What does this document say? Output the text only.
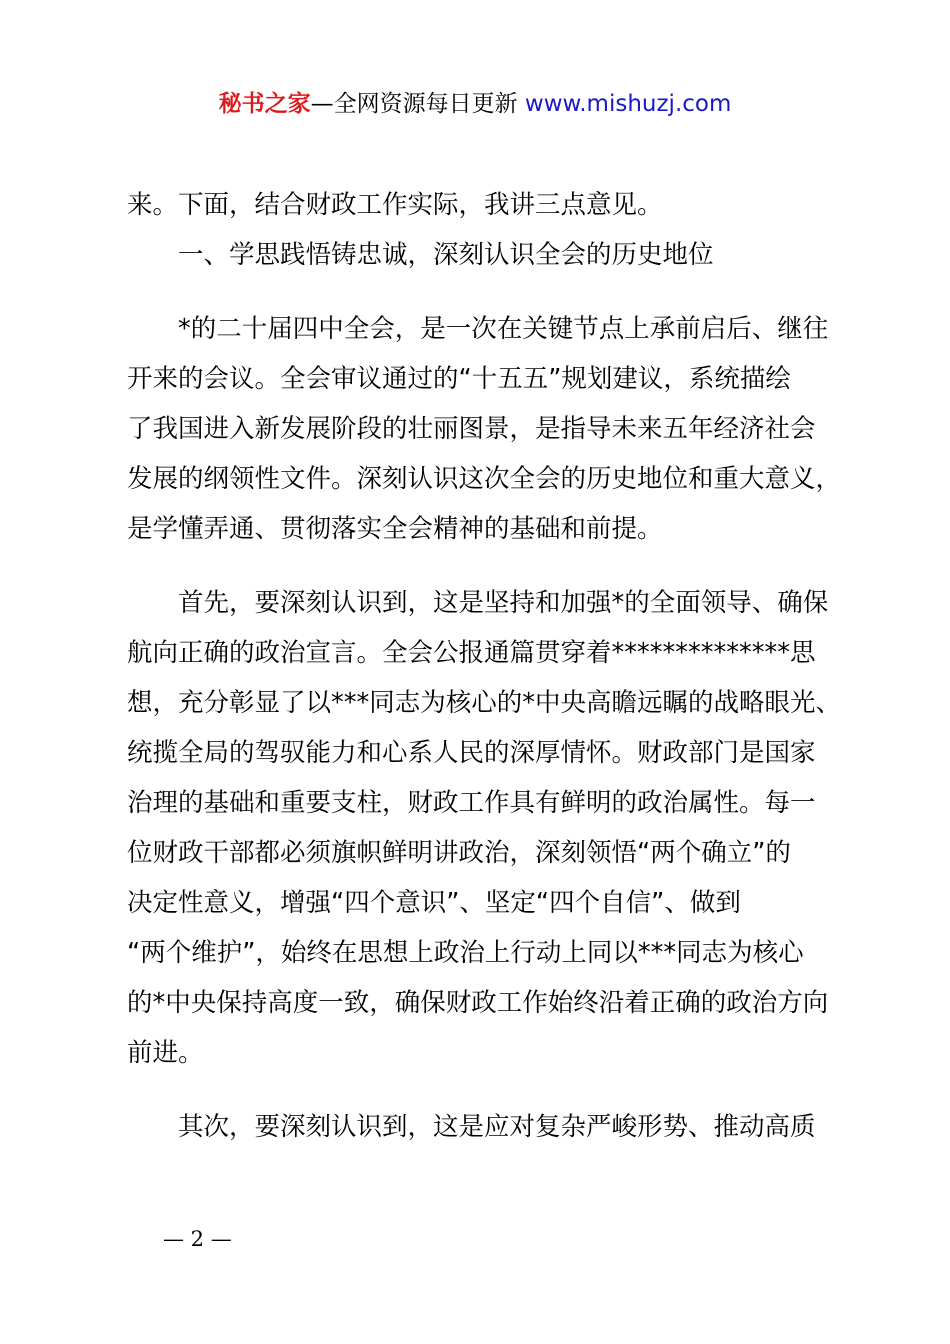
秘书之家—全网资源每日更新 www.mishuzj.com

来。下面，结合财政工作实际，我讲三点意见。

一、学思践悟铸忠诚，深刻认识全会的历史地位

*的二十届四中全会，是一次在关键节点上承前启后、继往

开来的会议。全会审议通过的“十五五”规划建议，系统描绘

了我国进入新发展阶段的壮丽图景，是指导未来五年经济社会

发展的纲领性文件。深刻认识这次全会的历史地位和重大意义，

是学懂弄通、贯彻落实全会精神的基础和前提。

首先，要深刻认识到，这是坚持和加强*的全面领导、确保

航向正确的政治宣言。全会公报通篇贯穿着**************思

想，充分彰显了以***同志为核心的*中央高瞻远瞩的战略眼光、

统揽全局的驾驭能力和心系人民的深厚情怀。财政部门是国家

治理的基础和重要支柱，财政工作具有鲜明的政治属性。每一

位财政干部都必须旗帜鲜明讲政治，深刻领悟“两个确立”的

决定性意义，增强“四个意识”、坚定“四个自信”、做到

“两个维护”，始终在思想上政治上行动上同以***同志为核心

的*中央保持高度一致，确保财政工作始终沿着正确的政治方向

前进。

其次，要深刻认识到，这是应对复杂严峻形势、推动高质

— 2 —
